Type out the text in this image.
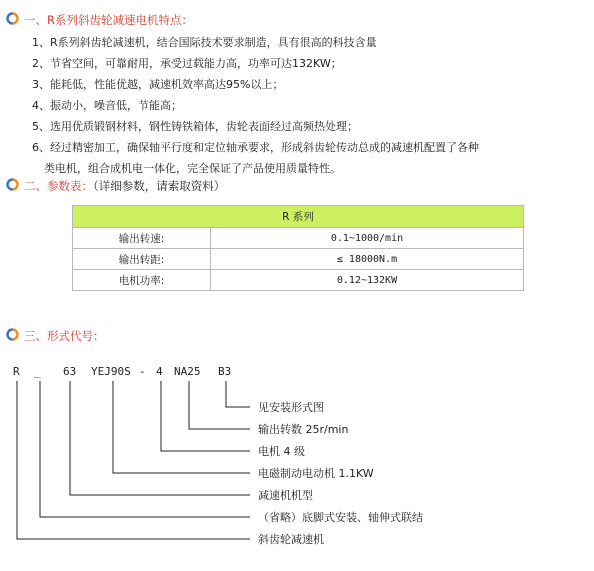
一、R系列斜齿轮减速电机特点：
1、R系列斜齿轮减速机，结合国际技术要求制造，具有很高的科技含量
2、节省空间，可靠耐用，承受过载能力高，功率可达132KW；
3、能耗低，性能优越，减速机效率高达95%以上；
4、振动小，噪音低，节能高；
5、选用优质锻钢材料，钢性铸铁箱体，齿轮表面经过高频热处理；
6、经过精密加工，确保轴平行度和定位轴承要求，形成斜齿轮传动总成的减速机配置了各种
类电机，组合成机电一体化，完全保证了产品使用质量特性。
二、参数表：（详细参数，请索取资料）
R 系列	
输出转速:	0.1~1000/min
输出转距:	≤ 18000N.m
电机功率:	0.12~132KW
三、形式代号：
R _ 63 YEJ90S - 4 NA25 B3
见安装形式图
输出转数 25r/min
电机 4 级
电磁制动电动机 1.1KW
减速机机型
（省略）底脚式安装、轴伸式联结
斜齿轮减速机
